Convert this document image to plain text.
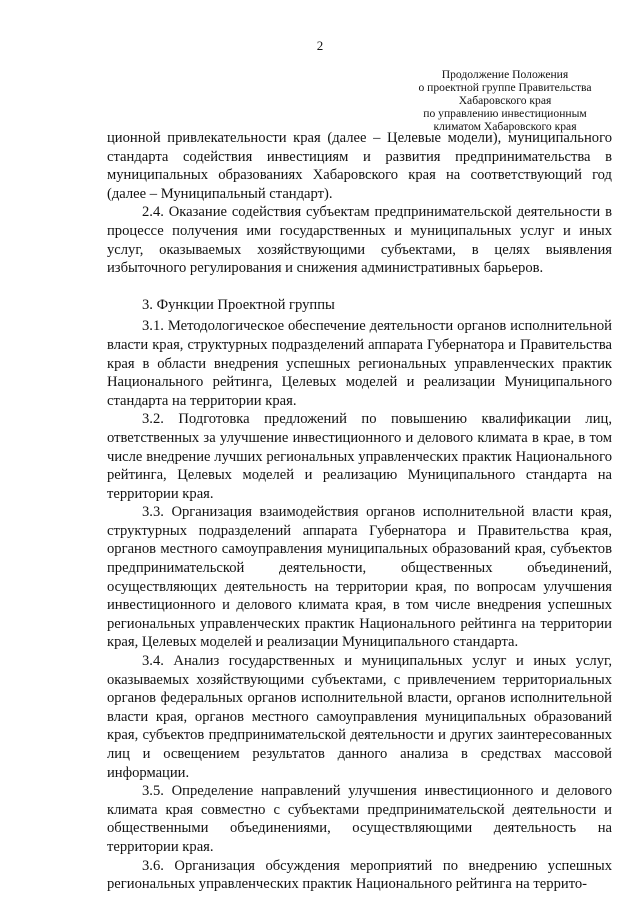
2
Продолжение Положения
о проектной группе Правительства
Хабаровского края
по управлению инвестиционным
климатом Хабаровского края

ционной привлекательности края (далее – Целевые модели), муниципального стандарта содействия инвестициям и развития предпринимательства в муниципальных образованиях Хабаровского края на соответствующий год (далее – Муниципальный стандарт).

2.4. Оказание содействия субъектам предпринимательской деятельности в процессе получения ими государственных и муниципальных услуг и иных услуг, оказываемых хозяйствующими субъектами, в целях выявления избыточного регулирования и снижения административных барьеров.

3. Функции Проектной группы

3.1. Методологическое обеспечение деятельности органов исполнительной власти края, структурных подразделений аппарата Губернатора и Правительства края в области внедрения успешных региональных управленческих практик Национального рейтинга, Целевых моделей и реализации Муниципального стандарта на территории края.

3.2. Подготовка предложений по повышению квалификации лиц, ответственных за улучшение инвестиционного и делового климата в крае, в том числе внедрение лучших региональных управленческих практик Национального рейтинга, Целевых моделей и реализацию Муниципального стандарта на территории края.

3.3. Организация взаимодействия органов исполнительной власти края, структурных подразделений аппарата Губернатора и Правительства края, органов местного самоуправления муниципальных образований края, субъектов предпринимательской деятельности, общественных объединений, осуществляющих деятельность на территории края, по вопросам улучшения инвестиционного и делового климата края, в том числе внедрения успешных региональных управленческих практик Национального рейтинга на территории края, Целевых моделей и реализации Муниципального стандарта.

3.4. Анализ государственных и муниципальных услуг и иных услуг, оказываемых хозяйствующими субъектами, с привлечением территориальных органов федеральных органов исполнительной власти, органов исполнительной власти края, органов местного самоуправления муниципальных образований края, субъектов предпринимательской деятельности и других заинтересованных лиц и освещением результатов данного анализа в средствах массовой информации.

3.5. Определение направлений улучшения инвестиционного и делового климата края совместно с субъектами предпринимательской деятельности и общественными объединениями, осуществляющими деятельность на территории края.

3.6. Организация обсуждения мероприятий по внедрению успешных региональных управленческих практик Национального рейтинга на террито-
